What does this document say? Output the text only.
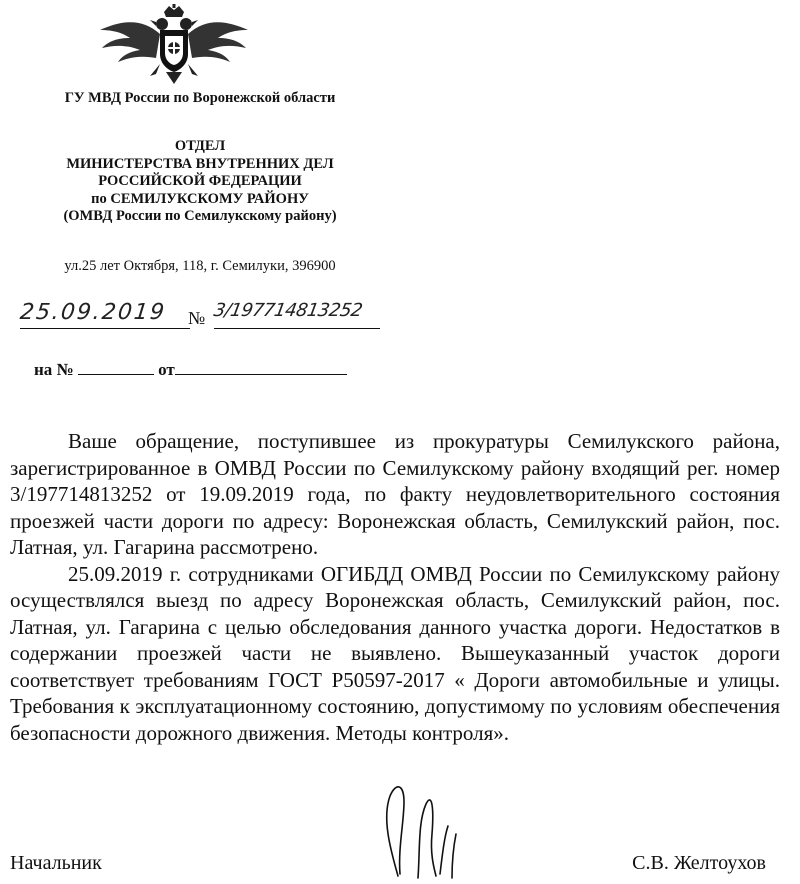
ГУ МВД России по Воронежской области
ОТДЕЛ
МИНИСТЕРСТВА ВНУТРЕННИХ ДЕЛ
РОССИЙСКОЙ ФЕДЕРАЦИИ
по СЕМИЛУКСКОМУ РАЙОНУ
(ОМВД России по Семилукскому району)
ул.25 лет Октября, 118, г. Семилуки, 396900
25.09.2019 № 3/197714813252
на №	от

Ваше обращение, поступившее из прокуратуры Семилукского района, зарегистрированное в ОМВД России по Семилукскому району входящий рег. номер 3/197714813252 от 19.09.2019 года, по факту неудовлетворительного состояния проезжей части дороги по адресу: Воронежская область, Семилукский район, пос. Латная, ул. Гагарина рассмотрено.

25.09.2019 г. сотрудниками ОГИБДД ОМВД России по Семилукскому району осуществлялся выезд по адресу Воронежская область, Семилукский район, пос. Латная, ул. Гагарина с целью обследования данного участка дороги. Недостатков в содержании проезжей части не выявлено. Вышеуказанный участок дороги соответствует требованиям ГОСТ Р50597-2017 « Дороги автомобильные и улицы. Требования к эксплуатационному состоянию, допустимому по условиям обеспечения безопасности дорожного движения. Методы контроля».

Начальник	С.В. Желтоухов
